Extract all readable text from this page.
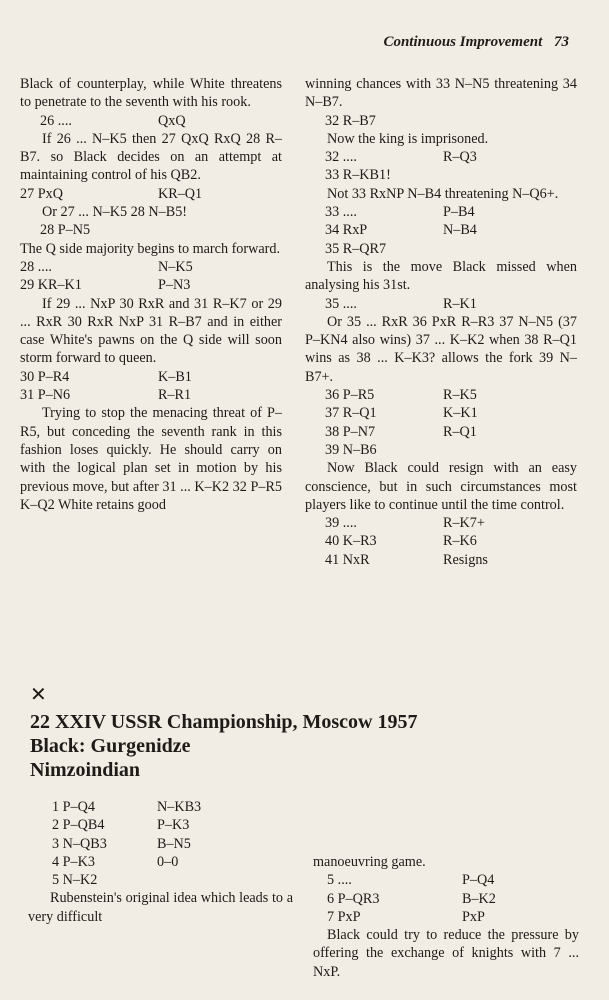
Continuous Improvement 73
Black of counterplay, while White threatens to penetrate to the seventh with his rook.
26 ....	QxQ
If 26 ... N–K5 then 27 QxQ RxQ 28 R–B7. so Black decides on an attempt at maintaining control of his QB2.
27 PxQ	KR–Q1
Or 27 ... N–K5 28 N–B5!
28 P–N5
The Q side majority begins to march forward.
28 ....	N–K5
29 KR–K1	P–N3
If 29 ... NxP 30 RxR and 31 R–K7 or 29 ... RxR 30 RxR NxP 31 R–B7 and in either case White's pawns on the Q side will soon storm forward to queen.
30 P–R4	K–B1
31 P–N6	R–R1
Trying to stop the menacing threat of P–R5, but conceding the seventh rank in this fashion loses quickly. He should carry on with the logical plan set in motion by his previous move, but after 31 ... K–K2 32 P–R5 K–Q2 White retains good
winning chances with 33 N–N5 threatening 34 N–B7.
32 R–B7
Now the king is imprisoned.
32 ....	R–Q3
33 R–KB1!
Not 33 RxNP N–B4 threatening N–Q6+.
33 ....	P–B4
34 RxP	N–B4
35 R–QR7
This is the move Black missed when analysing his 31st.
35 ....	R–K1
Or 35 ... RxR 36 PxR R–R3 37 N–N5 (37 P–KN4 also wins) 37 ... K–K2 when 38 R–Q1 wins as 38 ... K–K3? allows the fork 39 N–B7+.
36 P–R5	R–K5
37 R–Q1	K–K1
38 P–N7	R–Q1
39 N–B6
Now Black could resign with an easy conscience, but in such circumstances most players like to continue until the time control.
39 ....	R–K7+
40 K–R3	R–K6
41 NxR	Resigns
✕
22 XXIV USSR Championship, Moscow 1957
Black: Gurgenidze
Nimzoindian
1 P–Q4	N–KB3
2 P–QB4	P–K3
3 N–QB3	B–N5
4 P–K3	0–0
5 N–K2
Rubenstein's original idea which leads to a very difficult
manoeuvring game.
5 ....	P–Q4
6 P–QR3	B–K2
7 PxP	PxP
Black could try to reduce the pressure by offering the exchange of knights with 7 ... NxP.
